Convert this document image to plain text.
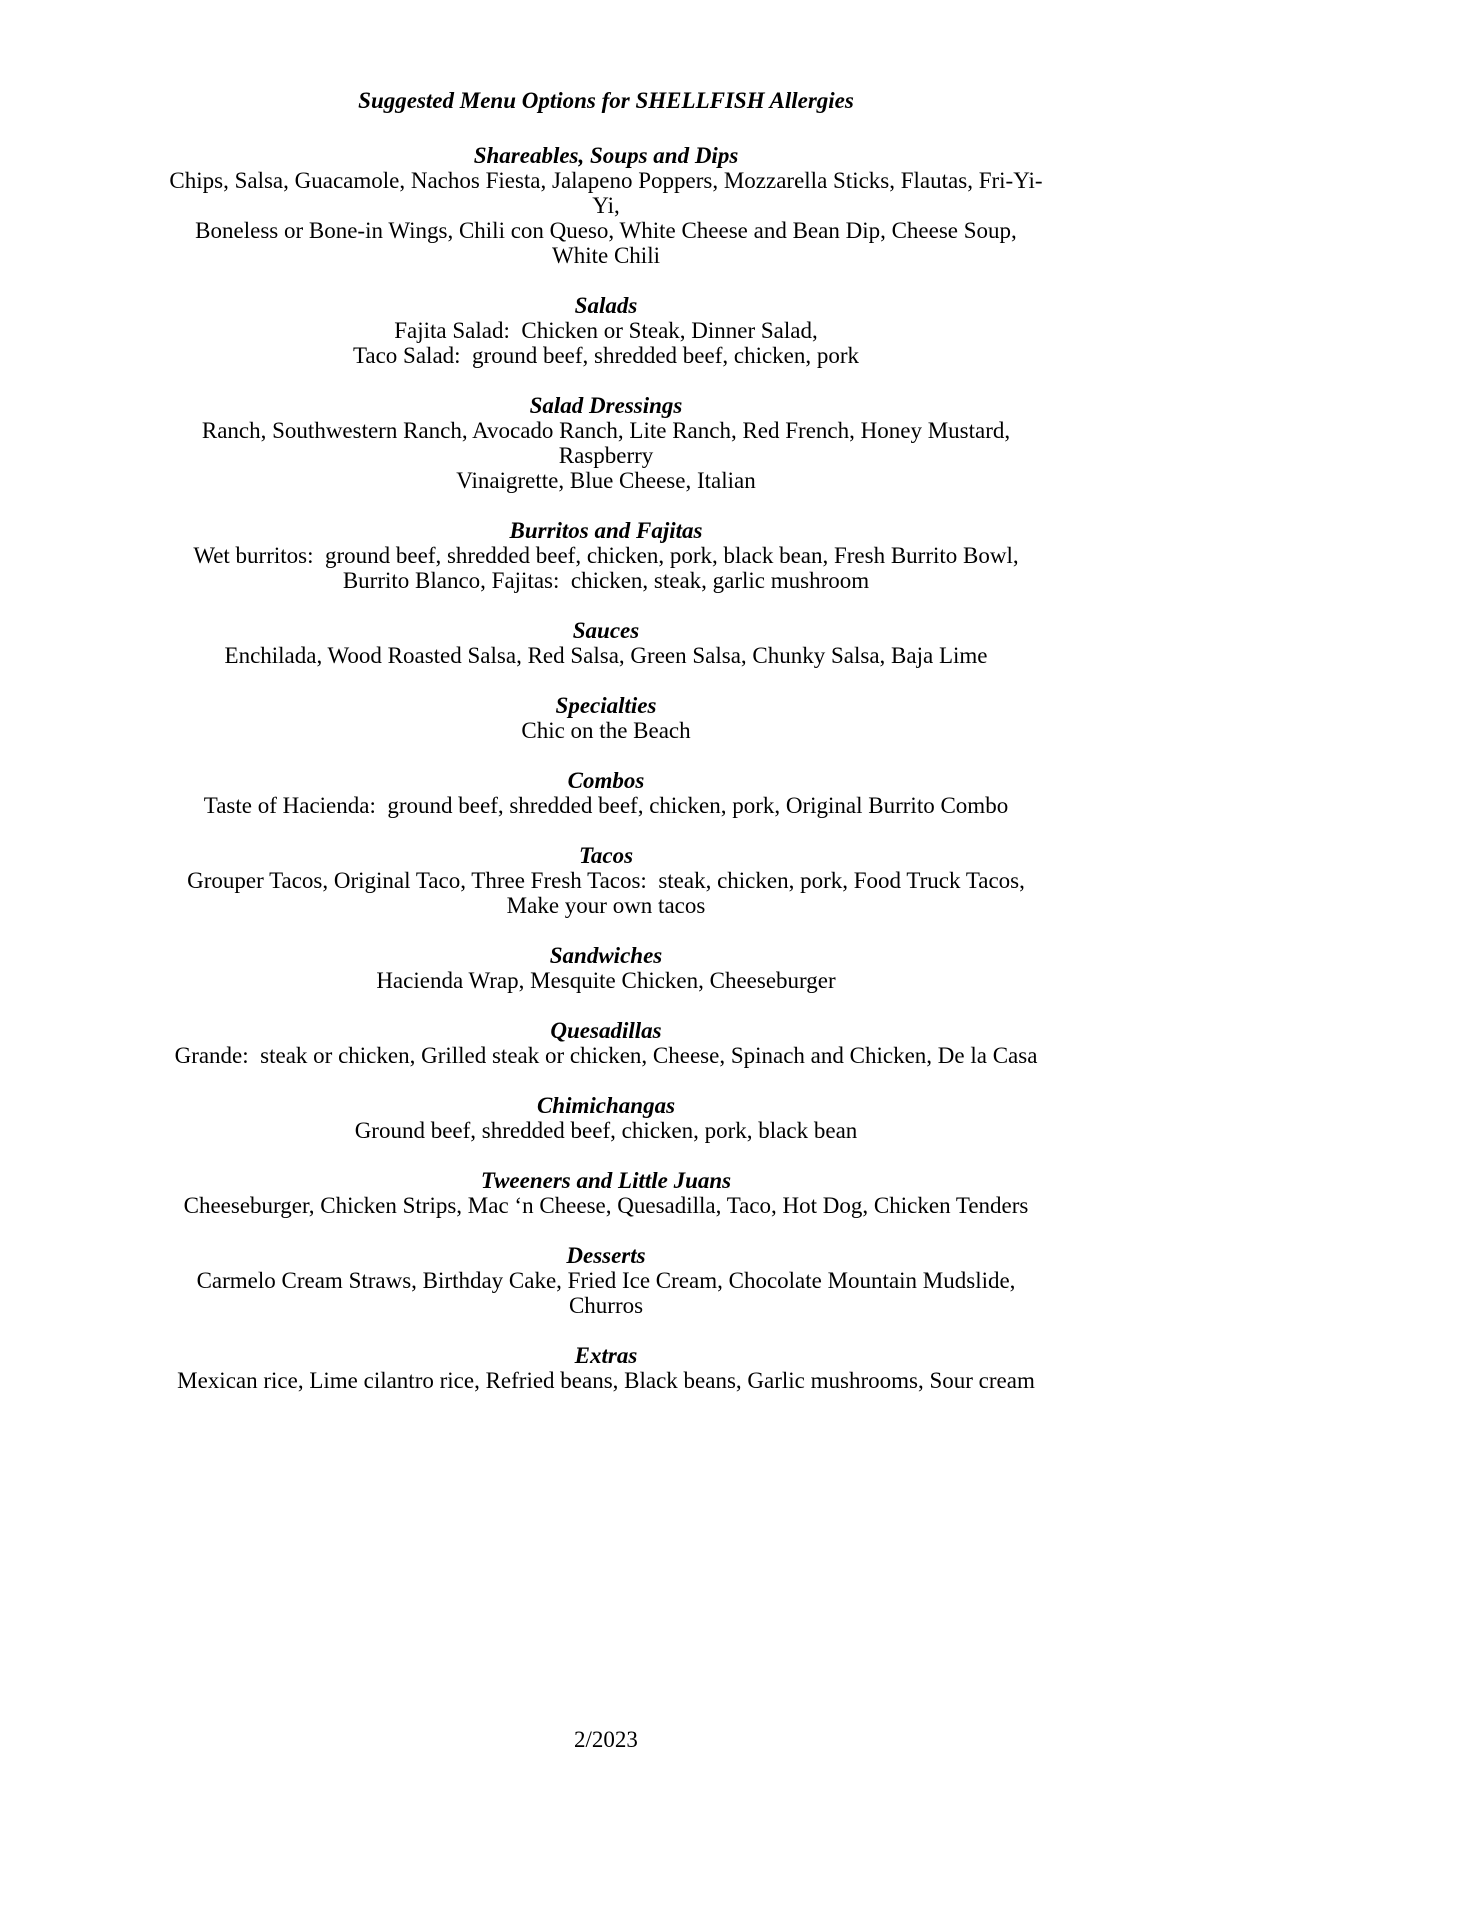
Suggested Menu Options for SHELLFISH Allergies
Shareables, Soups and Dips
Chips, Salsa, Guacamole, Nachos Fiesta, Jalapeno Poppers, Mozzarella Sticks, Flautas, Fri-Yi-Yi,
Boneless or Bone-in Wings, Chili con Queso, White Cheese and Bean Dip, Cheese Soup, White Chili
Salads
Fajita Salad:  Chicken or Steak, Dinner Salad,
Taco Salad:  ground beef, shredded beef, chicken, pork
Salad Dressings
Ranch, Southwestern Ranch, Avocado Ranch, Lite Ranch, Red French, Honey Mustard, Raspberry
Vinaigrette, Blue Cheese, Italian
Burritos and Fajitas
Wet burritos:  ground beef, shredded beef, chicken, pork, black bean, Fresh Burrito Bowl,
Burrito Blanco, Fajitas:  chicken, steak, garlic mushroom
Sauces
Enchilada, Wood Roasted Salsa, Red Salsa, Green Salsa, Chunky Salsa, Baja Lime
Specialties
Chic on the Beach
Combos
Taste of Hacienda:  ground beef, shredded beef, chicken, pork, Original Burrito Combo
Tacos
Grouper Tacos, Original Taco, Three Fresh Tacos:  steak, chicken, pork, Food Truck Tacos,
Make your own tacos
Sandwiches
Hacienda Wrap, Mesquite Chicken, Cheeseburger
Quesadillas
Grande:  steak or chicken, Grilled steak or chicken, Cheese, Spinach and Chicken, De la Casa
Chimichangas
Ground beef, shredded beef, chicken, pork, black bean
Tweeners and Little Juans
Cheeseburger, Chicken Strips, Mac ‘n Cheese, Quesadilla, Taco, Hot Dog, Chicken Tenders
Desserts
Carmelo Cream Straws, Birthday Cake, Fried Ice Cream, Chocolate Mountain Mudslide, Churros
Extras
Mexican rice, Lime cilantro rice, Refried beans, Black beans, Garlic mushrooms, Sour cream
2/2023
